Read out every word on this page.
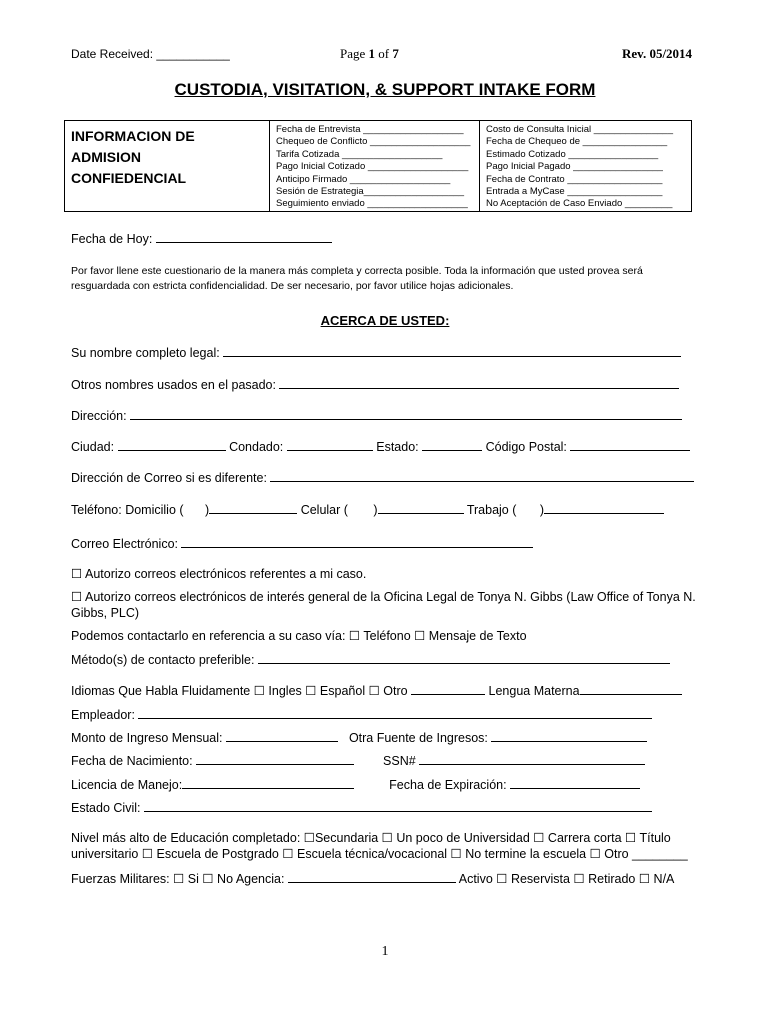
Date Received: ___________	Page 1 of 7	Rev. 05/2014
CUSTODIA, VISITATION, & SUPPORT INTAKE FORM
INFORMACION DE
ADMISION
CONFIEDENCIAL
Fecha de Entrevista ___________________
Chequeo de Conflicto ___________________
Tarifa Cotizada ___________________
Pago Inicial Cotizado ___________________
Anticipo Firmado ___________________
Sesión de Estrategia___________________
Seguimiento enviado ___________________
Costo de Consulta Inicial _______________
Fecha de Chequeo de ________________
Estimado Cotizado _________________
Pago Inicial Pagado _________________
Fecha de Contrato __________________
Entrada a MyCase __________________
No Aceptación de Caso Enviado _________
Fecha de Hoy:
Por favor llene este cuestionario de la manera más completa y correcta posible. Toda la información que usted provea será resguardada con estricta confidencialidad. De ser necesario, por favor utilice hojas adicionales.
ACERCA DE USTED:
Su nombre completo legal:
Otros nombres usados en el pasado:
Dirección:
Ciudad:	Condado:	Estado:	Código Postal:
Dirección de Correo si es diferente:
Teléfono: Domicilio ( )	Celular ( )	Trabajo ( )
Correo Electrónico:
☐ Autorizo correos electrónicos referentes a mi caso.
☐ Autorizo correos electrónicos de interés general de la Oficina Legal de Tonya N. Gibbs (Law Office of Tonya N. Gibbs, PLC)
Podemos contactarlo en referencia a su caso vía: ☐ Teléfono ☐ Mensaje de Texto
Método(s) de contacto preferible:
Idiomas Que Habla Fluidamente ☐ Ingles ☐ Español ☐ Otro	Lengua Materna
Empleador:
Monto de Ingreso Mensual:	Otra Fuente de Ingresos:
Fecha de Nacimiento:	SSN#
Licencia de Manejo:	Fecha de Expiración:
Estado Civil:
Nivel más alto de Educación completado: ☐Secundaria ☐ Un poco de Universidad ☐ Carrera corta ☐ Título universitario ☐ Escuela de Postgrado ☐ Escuela técnica/vocacional ☐ No termine la escuela ☐ Otro ________
Fuerzas Militares: ☐ Si ☐ No Agencia:	Activo ☐ Reservista ☐ Retirado ☐ N/A
1
